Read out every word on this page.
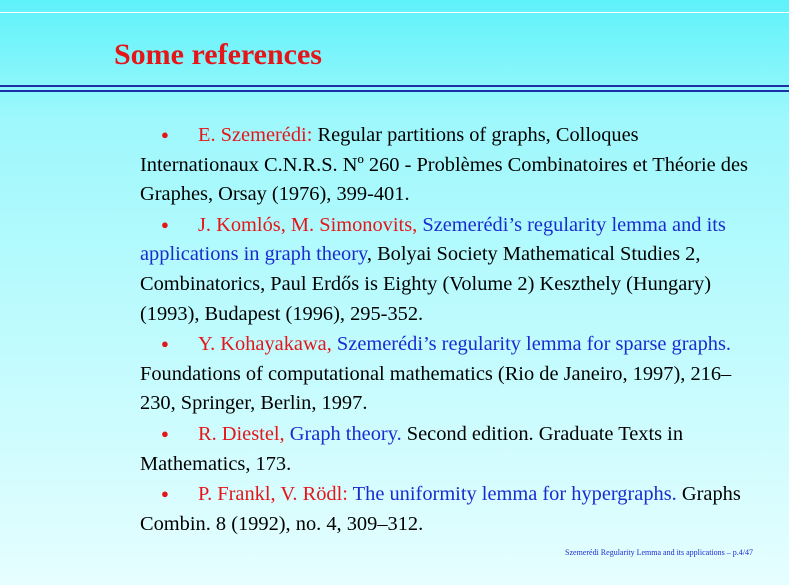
Some references

● E. Szemerédi: Regular partitions of graphs, Colloques Internationaux C.N.R.S. Nº 260 - Problèmes Combinatoires et Théorie des Graphes, Orsay (1976), 399-401.

● J. Komlós, M. Simonovits, Szemerédi’s regularity lemma and its applications in graph theory, Bolyai Society Mathematical Studies 2, Combinatorics, Paul Erdős is Eighty (Volume 2) Keszthely (Hungary) (1993), Budapest (1996), 295-352.

● Y. Kohayakawa, Szemerédi’s regularity lemma for sparse graphs. Foundations of computational mathematics (Rio de Janeiro, 1997), 216–230, Springer, Berlin, 1997.

● R. Diestel, Graph theory. Second edition. Graduate Texts in Mathematics, 173.

● P. Frankl, V. Rödl: The uniformity lemma for hypergraphs. Graphs Combin. 8 (1992), no. 4, 309–312.

Szemerédi Regularity Lemma and its applications – p.4/47
